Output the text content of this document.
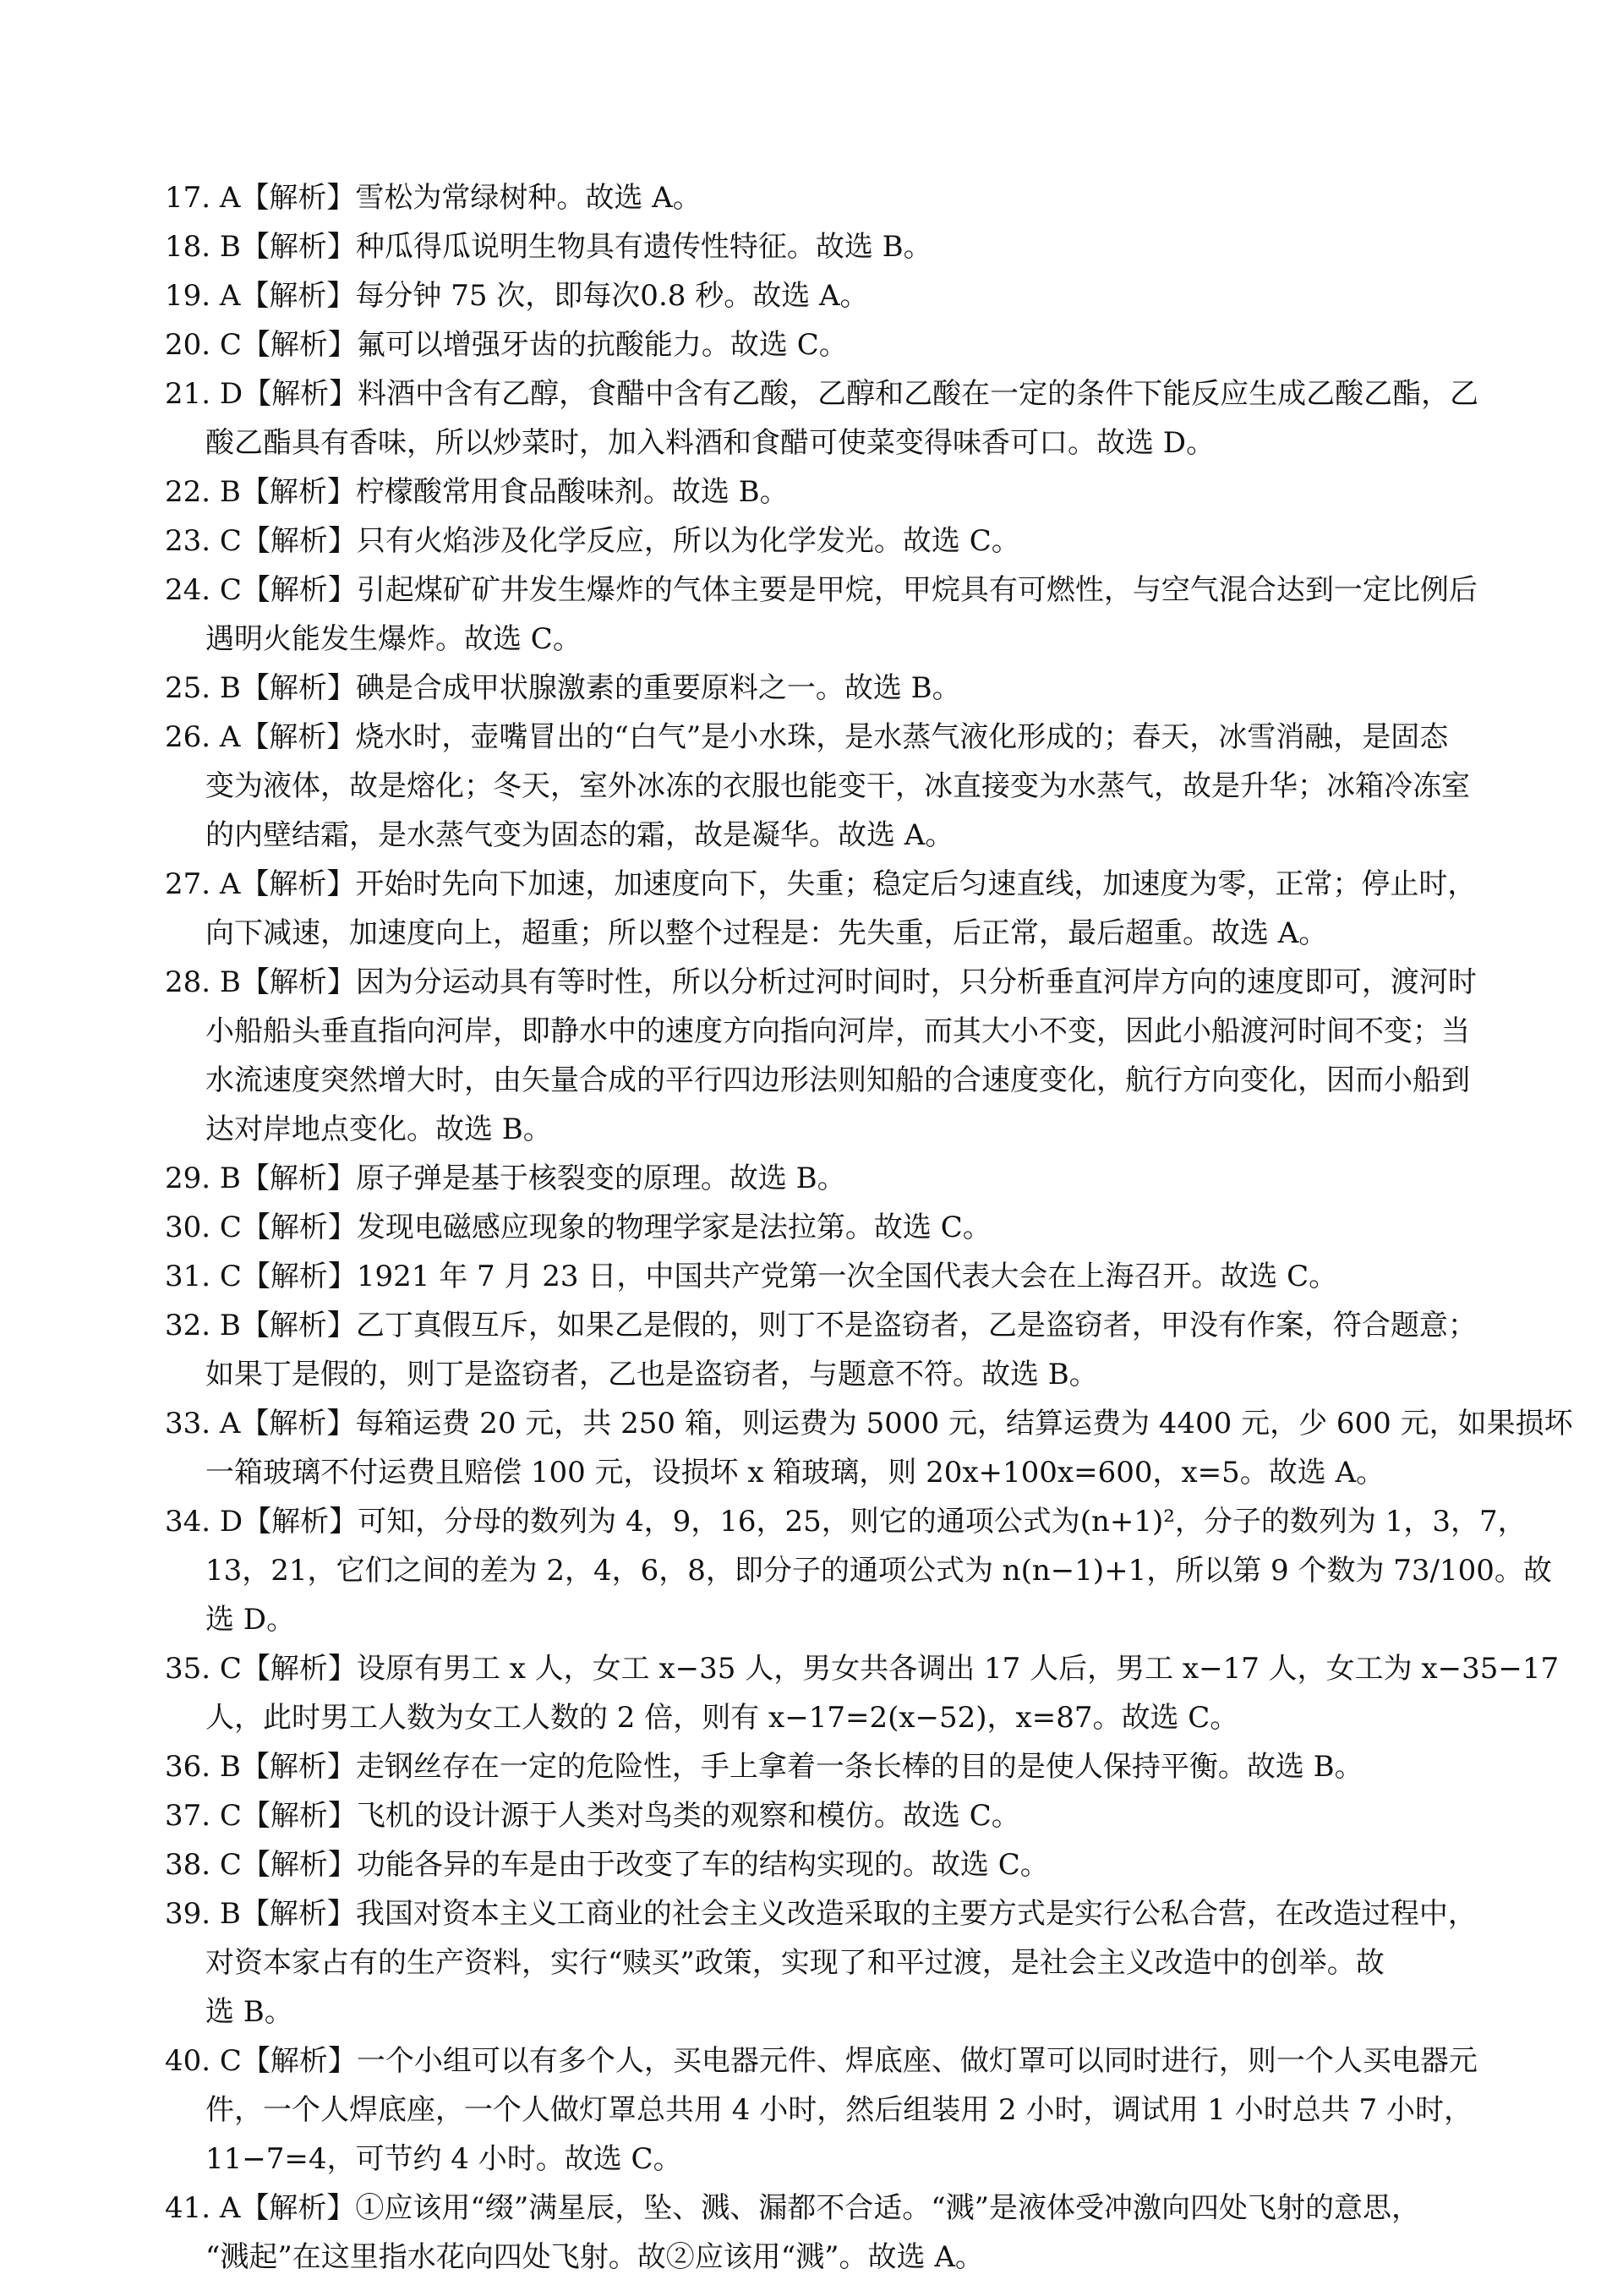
17. A【解析】雪松为常绿树种。故选 A。
18. B【解析】种瓜得瓜说明生物具有遗传性特征。故选 B。
19. A【解析】每分钟 75 次，即每次0.8 秒。故选 A。
20. C【解析】氟可以增强牙齿的抗酸能力。故选 C。
21. D【解析】料酒中含有乙醇，食醋中含有乙酸，乙醇和乙酸在一定的条件下能反应生成乙酸乙酯，乙
酸乙酯具有香味，所以炒菜时，加入料酒和食醋可使菜变得味香可口。故选 D。
22. B【解析】柠檬酸常用食品酸味剂。故选 B。
23. C【解析】只有火焰涉及化学反应，所以为化学发光。故选 C。
24. C【解析】引起煤矿矿井发生爆炸的气体主要是甲烷，甲烷具有可燃性，与空气混合达到一定比例后
遇明火能发生爆炸。故选 C。
25. B【解析】碘是合成甲状腺激素的重要原料之一。故选 B。
26. A【解析】烧水时，壶嘴冒出的“白气”是小水珠，是水蒸气液化形成的；春天，冰雪消融，是固态
变为液体，故是熔化；冬天，室外冰冻的衣服也能变干，冰直接变为水蒸气，故是升华；冰箱冷冻室
的内壁结霜，是水蒸气变为固态的霜，故是凝华。故选 A。
27. A【解析】开始时先向下加速，加速度向下，失重；稳定后匀速直线，加速度为零，正常；停止时，
向下减速，加速度向上，超重；所以整个过程是：先失重，后正常，最后超重。故选 A。
28. B【解析】因为分运动具有等时性，所以分析过河时间时，只分析垂直河岸方向的速度即可，渡河时
小船船头垂直指向河岸，即静水中的速度方向指向河岸，而其大小不变，因此小船渡河时间不变；当
水流速度突然增大时，由矢量合成的平行四边形法则知船的合速度变化，航行方向变化，因而小船到
达对岸地点变化。故选 B。
29. B【解析】原子弹是基于核裂变的原理。故选 B。
30. C【解析】发现电磁感应现象的物理学家是法拉第。故选 C。
31. C【解析】1921 年 7 月 23 日，中国共产党第一次全国代表大会在上海召开。故选 C。
32. B【解析】乙丁真假互斥，如果乙是假的，则丁不是盗窃者，乙是盗窃者，甲没有作案，符合题意；
如果丁是假的，则丁是盗窃者，乙也是盗窃者，与题意不符。故选 B。
33. A【解析】每箱运费 20 元，共 250 箱，则运费为 5000 元，结算运费为 4400 元，少 600 元，如果损坏
一箱玻璃不付运费且赔偿 100 元，设损坏 x 箱玻璃，则 20x+100x=600，x=5。故选 A。
34. D【解析】可知，分母的数列为 4，9，16，25，则它的通项公式为(n+1)²，分子的数列为 1，3，7，
13，21，它们之间的差为 2，4，6，8，即分子的通项公式为 n(n−1)+1，所以第 9 个数为 73/100。故
选 D。
35. C【解析】设原有男工 x 人，女工 x−35 人，男女共各调出 17 人后，男工 x−17 人，女工为 x−35−17
人，此时男工人数为女工人数的 2 倍，则有 x−17=2(x−52)，x=87。故选 C。
36. B【解析】走钢丝存在一定的危险性，手上拿着一条长棒的目的是使人保持平衡。故选 B。
37. C【解析】飞机的设计源于人类对鸟类的观察和模仿。故选 C。
38. C【解析】功能各异的车是由于改变了车的结构实现的。故选 C。
39. B【解析】我国对资本主义工商业的社会主义改造采取的主要方式是实行公私合营，在改造过程中，
对资本家占有的生产资料，实行“赎买”政策，实现了和平过渡，是社会主义改造中的创举。故
选 B。
40. C【解析】一个小组可以有多个人，买电器元件、焊底座、做灯罩可以同时进行，则一个人买电器元
件，一个人焊底座，一个人做灯罩总共用 4 小时，然后组装用 2 小时，调试用 1 小时总共 7 小时，
11−7=4，可节约 4 小时。故选 C。
41. A【解析】①应该用“缀”满星辰，坠、溅、漏都不合适。“溅”是液体受冲激向四处飞射的意思，
“溅起”在这里指水花向四处飞射。故②应该用“溅”。故选 A。
